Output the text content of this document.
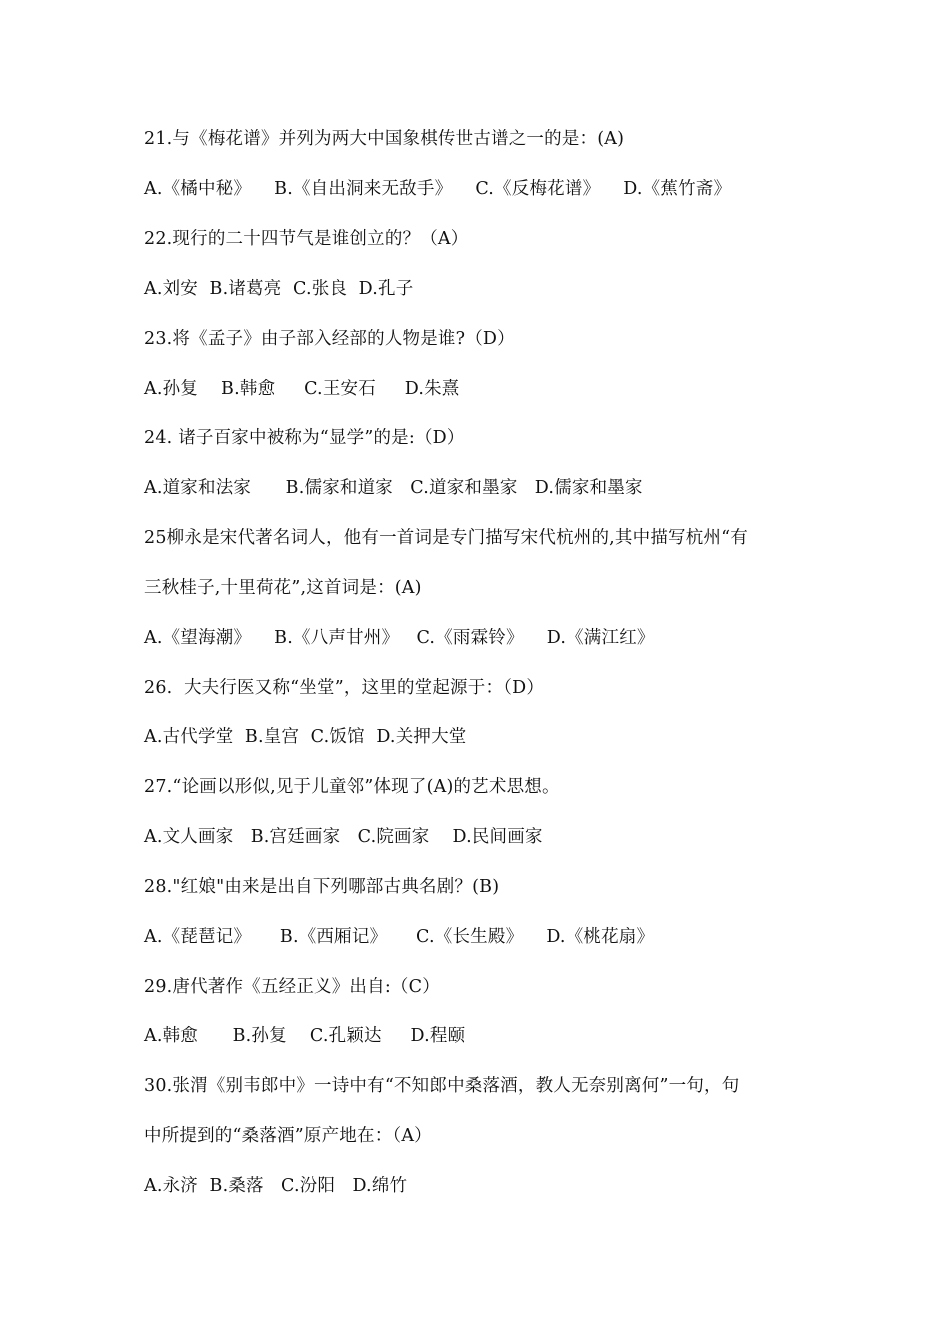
21.与《梅花谱》并列为两大中国象棋传世古谱之一的是：(A)
A.《橘中秘》    B.《自出洞来无敌手》    C.《反梅花谱》    D.《蕉竹斋》
22.现行的二十四节气是谁创立的？（A）
A.刘安  B.诸葛亮  C.张良  D.孔子
23.将《孟子》由子部入经部的人物是谁?（D）
A.孙复    B.韩愈     C.王安石     D.朱熹
24. 诸子百家中被称为“显学”的是:（D）
A.道家和法家      B.儒家和道家   C.道家和墨家   D.儒家和墨家
25柳永是宋代著名词人，他有一首词是专门描写宋代杭州的,其中描写杭州“有
三秋桂子,十里荷花”,这首词是：(A)
A.《望海潮》    B.《八声甘州》   C.《雨霖铃》    D.《满江红》
26.  大夫行医又称“坐堂”，这里的堂起源于：（D）
A.古代学堂  B.皇宫  C.饭馆  D.关押大堂
27.“论画以形似,见于儿童邻”体现了(A)的艺术思想。
A.文人画家   B.宫廷画家   C.院画家    D.民间画家
28."红娘"由来是出自下列哪部古典名剧？(B)
A.《琵琶记》     B.《西厢记》     C.《长生殿》    D.《桃花扇》
29.唐代著作《五经正义》出自:（C）
A.韩愈      B.孙复    C.孔颖达     D.程颐
30.张渭《别韦郎中》一诗中有“不知郎中桑落酒，教人无奈别离何”一句，句
中所提到的“桑落酒”原产地在：（A）
A.永济  B.桑落   C.汾阳   D.绵竹
